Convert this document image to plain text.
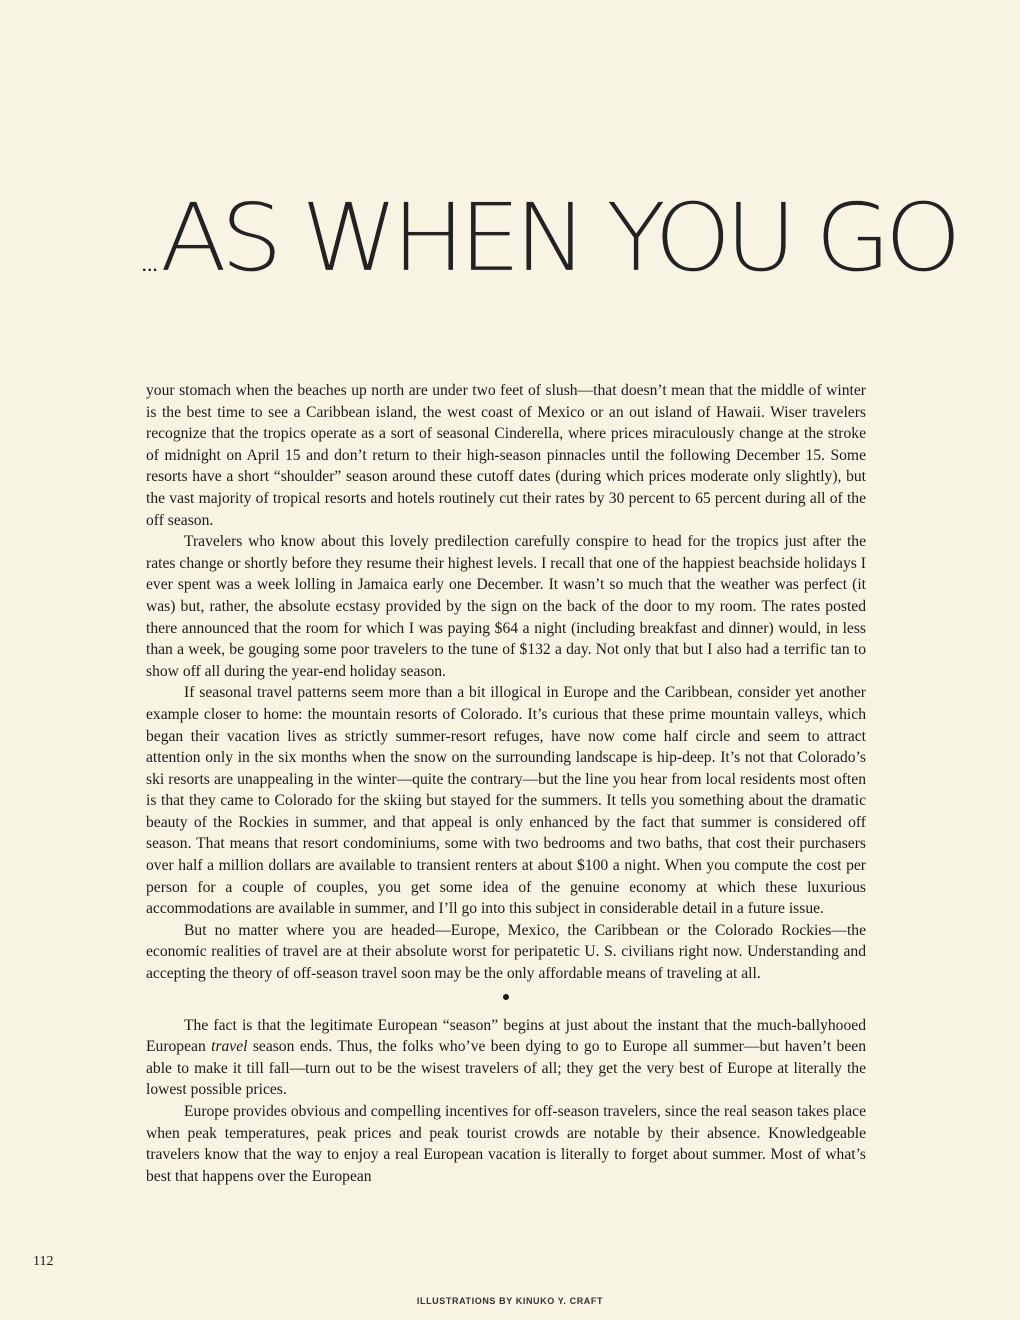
... AS WHEN YOU GO

your stomach when the beaches up north are under two feet of slush—that doesn’t mean that the middle of winter is the best time to see a Caribbean island, the west coast of Mexico or an out island of Hawaii. Wiser travelers recognize that the tropics operate as a sort of seasonal Cinderella, where prices miraculously change at the stroke of midnight on April 15 and don’t return to their high-season pinnacles until the following December 15. Some resorts have a short “shoulder” season around these cutoff dates (during which prices moderate only slightly), but the vast majority of tropical resorts and hotels routinely cut their rates by 30 percent to 65 percent during all of the off season.

Travelers who know about this lovely predilection carefully conspire to head for the tropics just after the rates change or shortly before they resume their highest levels. I recall that one of the happiest beachside holidays I ever spent was a week lolling in Jamaica early one December. It wasn’t so much that the weather was perfect (it was) but, rather, the absolute ecstasy provided by the sign on the back of the door to my room. The rates posted there announced that the room for which I was paying $64 a night (including breakfast and dinner) would, in less than a week, be gouging some poor travelers to the tune of $132 a day. Not only that but I also had a terrific tan to show off all during the year-end holiday season.

If seasonal travel patterns seem more than a bit illogical in Europe and the Caribbean, consider yet another example closer to home: the mountain resorts of Colorado. It’s curious that these prime mountain valleys, which began their vacation lives as strictly summer-resort refuges, have now come half circle and seem to attract attention only in the six months when the snow on the surrounding landscape is hip-deep. It’s not that Colorado’s ski resorts are unappealing in the winter—quite the contrary—but the line you hear from local residents most often is that they came to Colorado for the skiing but stayed for the summers. It tells you something about the dramatic beauty of the Rockies in summer, and that appeal is only enhanced by the fact that summer is considered off season. That means that resort condominiums, some with two bedrooms and two baths, that cost their purchasers over half a million dollars are available to transient renters at about $100 a night. When you compute the cost per person for a couple of couples, you get some idea of the genuine economy at which these luxurious accommodations are available in summer, and I’ll go into this subject in considerable detail in a future issue.

But no matter where you are headed—Europe, Mexico, the Caribbean or the Colorado Rockies—the economic realities of travel are at their absolute worst for peripatetic U. S. civilians right now. Understanding and accepting the theory of off-season travel soon may be the only affordable means of traveling at all.

The fact is that the legitimate European “season” begins at just about the instant that the much-ballyhooed European travel season ends. Thus, the folks who’ve been dying to go to Europe all summer—but haven’t been able to make it till fall—turn out to be the wisest travelers of all; they get the very best of Europe at literally the lowest possible prices.

Europe provides obvious and compelling incentives for off-season travelers, since the real season takes place when peak temperatures, peak prices and peak tourist crowds are notable by their absence. Knowledgeable travelers know that the way to enjoy a real European vacation is literally to forget about summer. Most of what’s best that happens over the European

112
ILLUSTRATIONS BY KINUKO Y. CRAFT
